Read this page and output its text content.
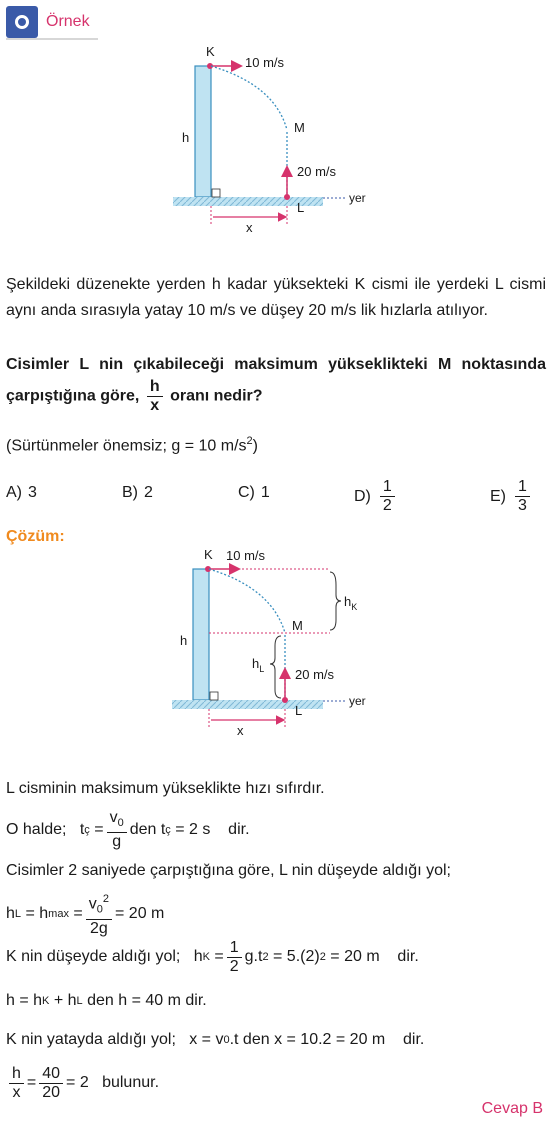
Örnek
K
10 m/s
M
h
20 m/s
L
yer
x
Şekildeki düzenekte yerden h kadar yüksekteki K cismi ile yerdeki L cismi aynı anda sırasıyla yatay 10 m/s ve düşey 20 m/s lik hızlarla atılıyor.
Cisimler L nin çıkabileceği maksimum yükseklikteki M noktasında çarpıştığına göre, $\frac{h}{x}$ oranı nedir?
(Sürtünmeler önemsiz; g = 10 $m/s^2$)
A) 3	B) 2	C) 1	$D) \frac{1}{2}$	$E) \frac{1}{3}$
Çözüm:
K 10 m/s
$h_K$
M
h
$h_L$ 20 m/s
L
yer
x
L cisminin maksimum yükseklikte hızı sıfırdır.
O halde;
t ç
= $\frac{v_0}{g}$ den t ç
= 2 s
dir.
Cisimler 2 saniyede çarpıştığına göre, L nin düşeyde aldığı yol;
h L
= h max
= $\frac{v_0^2}{2g} = 20$ m
K nin düşeyde aldığı yol;
h K
= $\frac{1}{2} g.t$ 2
= 5.(2) 2
= 20 m
dir.
h = h K
+ h L
den h = 40 m dir.
K nin yatayda aldığı yol;
x = v 0 .t den x = 10.2 = 20 m
dir.
$\frac{h}{x} = \frac{40}{20} = 2$
bulunur.
Cevap B
